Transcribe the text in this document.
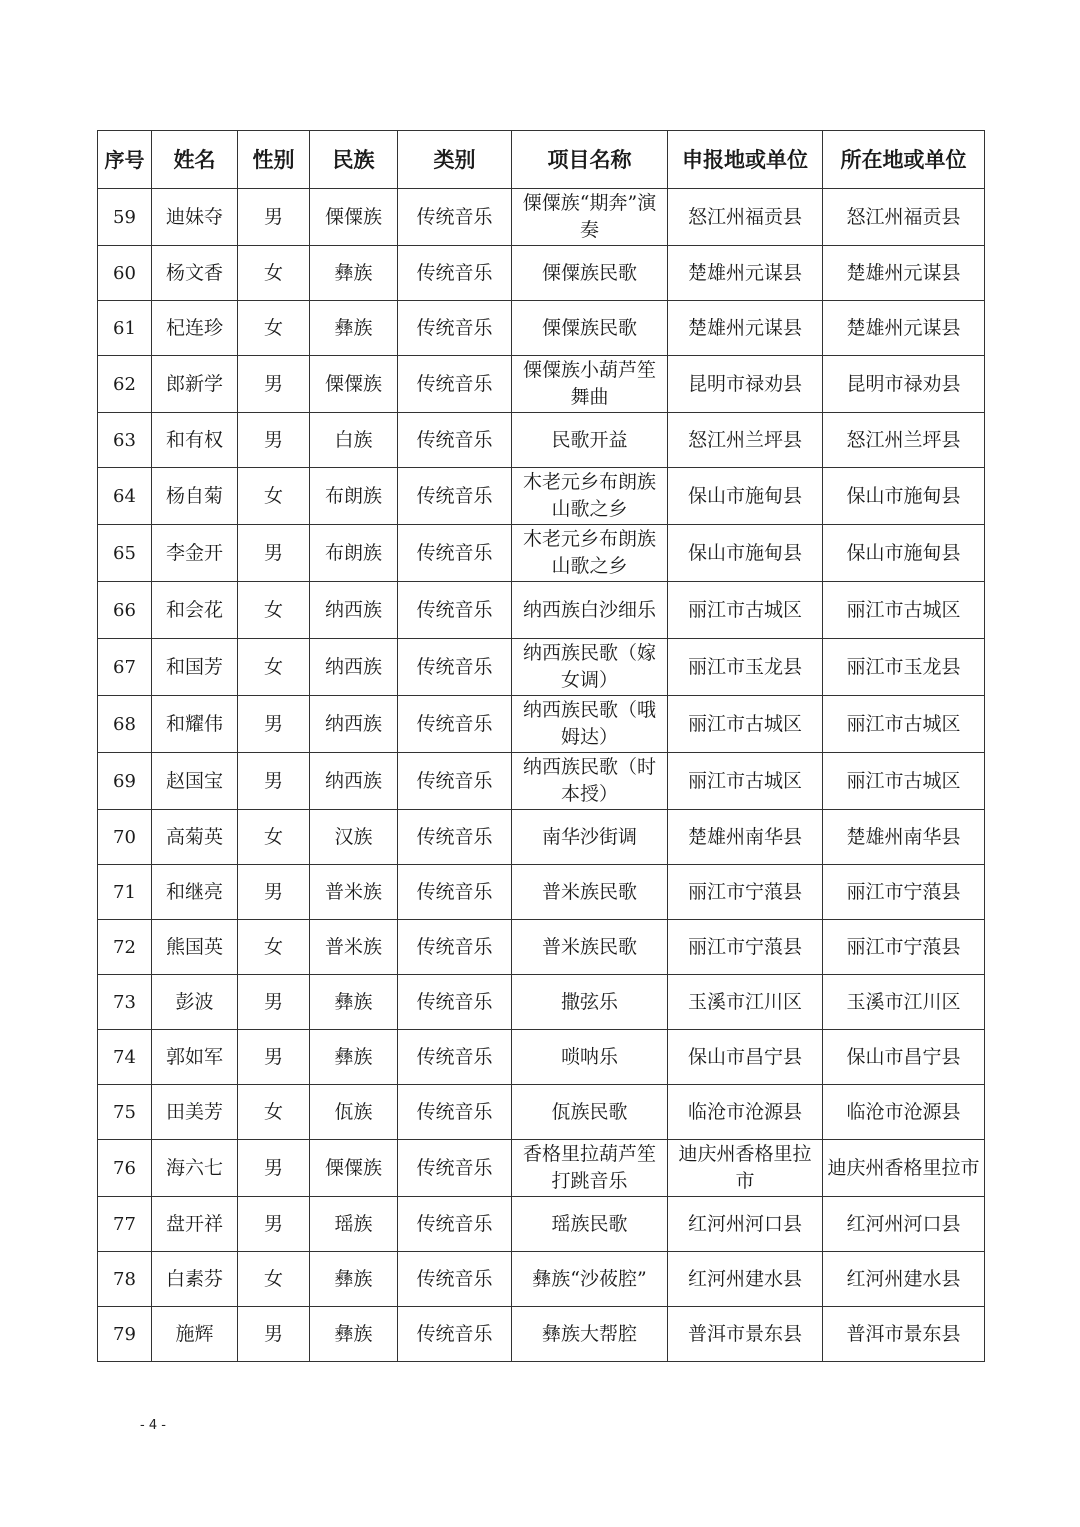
序号	姓名	性别	民族	类别	项目名称	申报地或单位	所在地或单位
59	迪妹夺	男	傈僳族	传统音乐	傈僳族“期奔”演奏	怒江州福贡县	怒江州福贡县
60	杨文香	女	彝族	传统音乐	傈僳族民歌	楚雄州元谋县	楚雄州元谋县
61	杞连珍	女	彝族	传统音乐	傈僳族民歌	楚雄州元谋县	楚雄州元谋县
62	郎新学	男	傈僳族	传统音乐	傈僳族小葫芦笙舞曲	昆明市禄劝县	昆明市禄劝县
63	和有权	男	白族	传统音乐	民歌开益	怒江州兰坪县	怒江州兰坪县
64	杨自菊	女	布朗族	传统音乐	木老元乡布朗族山歌之乡	保山市施甸县	保山市施甸县
65	李金开	男	布朗族	传统音乐	木老元乡布朗族山歌之乡	保山市施甸县	保山市施甸县
66	和会花	女	纳西族	传统音乐	纳西族白沙细乐	丽江市古城区	丽江市古城区
67	和国芳	女	纳西族	传统音乐	纳西族民歌（嫁女调）	丽江市玉龙县	丽江市玉龙县
68	和耀伟	男	纳西族	传统音乐	纳西族民歌（哦姆达）	丽江市古城区	丽江市古城区
69	赵国宝	男	纳西族	传统音乐	纳西族民歌（时本授）	丽江市古城区	丽江市古城区
70	高菊英	女	汉族	传统音乐	南华沙街调	楚雄州南华县	楚雄州南华县
71	和继亮	男	普米族	传统音乐	普米族民歌	丽江市宁蒗县	丽江市宁蒗县
72	熊国英	女	普米族	传统音乐	普米族民歌	丽江市宁蒗县	丽江市宁蒗县
73	彭波	男	彝族	传统音乐	撒弦乐	玉溪市江川区	玉溪市江川区
74	郭如军	男	彝族	传统音乐	唢呐乐	保山市昌宁县	保山市昌宁县
75	田美芳	女	佤族	传统音乐	佤族民歌	临沧市沧源县	临沧市沧源县
76	海六七	男	傈僳族	传统音乐	香格里拉葫芦笙打跳音乐	迪庆州香格里拉市	迪庆州香格里拉市
77	盘开祥	男	瑶族	传统音乐	瑶族民歌	红河州河口县	红河州河口县
78	白素芬	女	彝族	传统音乐	彝族“沙莜腔”	红河州建水县	红河州建水县
79	施辉	男	彝族	传统音乐	彝族大帮腔	普洱市景东县	普洱市景东县
- 4 -
